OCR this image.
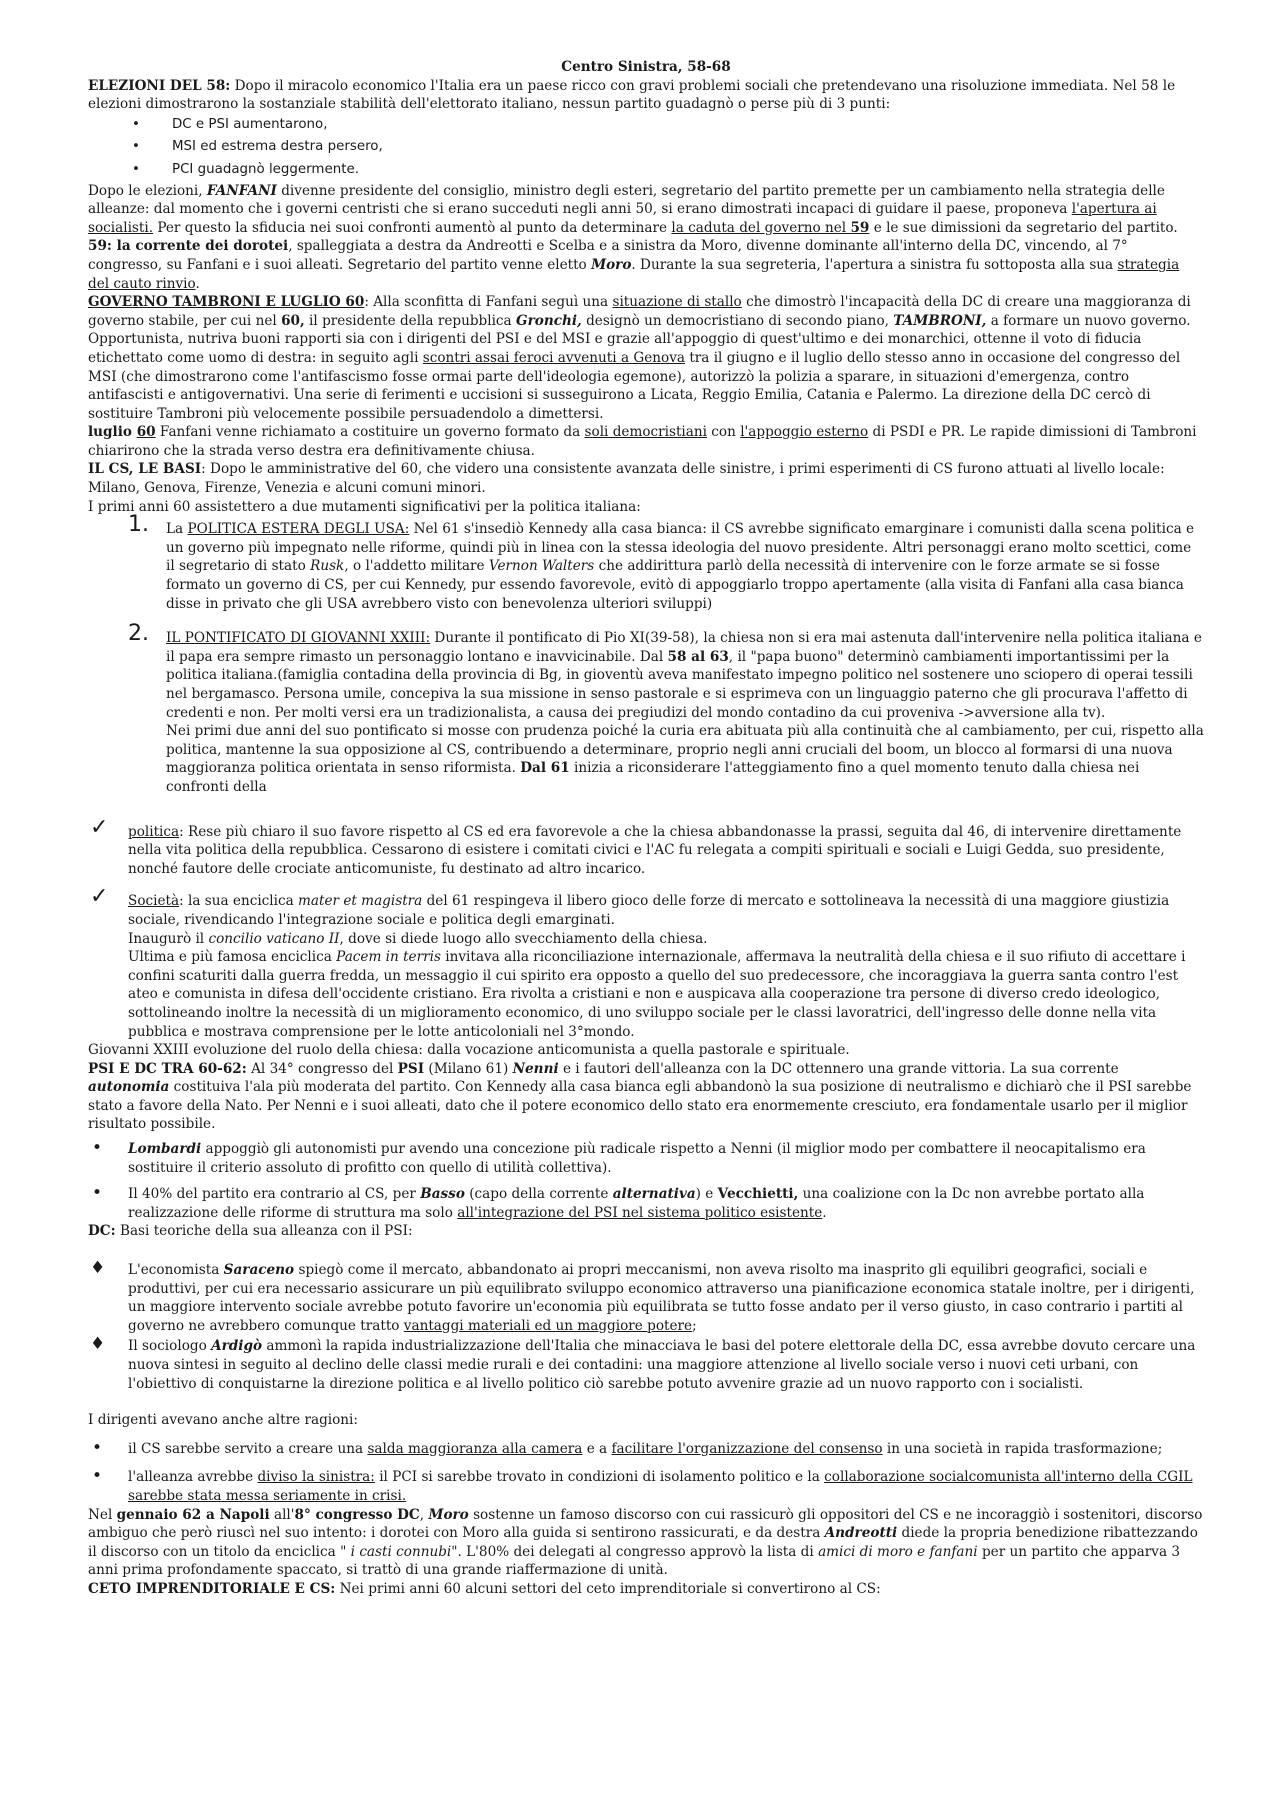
Centro Sinistra, 58-68

ELEZIONI DEL 58: Dopo il miracolo economico l'Italia era un paese ricco con gravi problemi sociali che pretendevano una risoluzione immediata. Nel 58 le elezioni dimostrarono la sostanziale stabilità dell'elettorato italiano, nessun partito guadagnò o perse più di 3 punti:

• DC e PSI aumentarono,
• MSI ed estrema destra persero,
• PCI guadagnò leggermente.

Dopo le elezioni, FANFANI divenne presidente del consiglio, ministro degli esteri, segretario del partito premette per un cambiamento nella strategia delle alleanze: dal momento che i governi centristi che si erano succeduti negli anni 50, si erano dimostrati incapaci di guidare il paese, proponeva l'apertura ai socialisti. Per questo la sfiducia nei suoi confronti aumentò al punto da determinare la caduta del governo nel 59 e le sue dimissioni da segretario del partito.

59: la corrente dei dorotei, spalleggiata a destra da Andreotti e Scelba e a sinistra da Moro, divenne dominante all'interno della DC, vincendo, al 7° congresso, su Fanfani e i suoi alleati. Segretario del partito venne eletto Moro. Durante la sua segreteria, l'apertura a sinistra fu sottoposta alla sua strategia del cauto rinvio.

GOVERNO TAMBRONI E LUGLIO 60: Alla sconfitta di Fanfani seguì una situazione di stallo che dimostrò l'incapacità della DC di creare una maggioranza di governo stabile, per cui nel 60, il presidente della repubblica Gronchi, designò un democristiano di secondo piano, TAMBRONI, a formare un nuovo governo. Opportunista, nutriva buoni rapporti sia con i dirigenti del PSI e del MSI e grazie all'appoggio di quest'ultimo e dei monarchici, ottenne il voto di fiducia etichettato come uomo di destra: in seguito agli scontri assai feroci avvenuti a Genova tra il giugno e il luglio dello stesso anno in occasione del congresso del MSI (che dimostrarono come l'antifascismo fosse ormai parte dell'ideologia egemone), autorizzò la polizia a sparare, in situazioni d'emergenza, contro antifascisti e antigovernativi. Una serie di ferimenti e uccisioni si susseguirono a Licata, Reggio Emilia, Catania e Palermo. La direzione della DC cercò di sostituire Tambroni più velocemente possibile persuadendolo a dimettersi.

luglio 60 Fanfani venne richiamato a costituire un governo formato da soli democristiani con l'appoggio esterno di PSDI e PR. Le rapide dimissioni di Tambroni chiarirono che la strada verso destra era definitivamente chiusa.

IL CS, LE BASI: Dopo le amministrative del 60, che videro una consistente avanzata delle sinistre, i primi esperimenti di CS furono attuati al livello locale: Milano, Genova, Firenze, Venezia e alcuni comuni minori.

I primi anni 60 assistettero a due mutamenti significativi per la politica italiana:

1. La POLITICA ESTERA DEGLI USA: Nel 61 s'insediò Kennedy alla casa bianca: il CS avrebbe significato emarginare i comunisti dalla scena politica e un governo più impegnato nelle riforme, quindi più in linea con la stessa ideologia del nuovo presidente. Altri personaggi erano molto scettici, come il segretario di stato Rusk, o l'addetto militare Vernon Walters che addirittura parlò della necessità di intervenire con le forze armate se si fosse formato un governo di CS, per cui Kennedy, pur essendo favorevole, evitò di appoggiarlo troppo apertamente (alla visita di Fanfani alla casa bianca disse in privato che gli USA avrebbero visto con benevolenza ulteriori sviluppi)
2. IL PONTIFICATO DI GIOVANNI XXIII: Durante il pontificato di Pio XI(39-58), la chiesa non si era mai astenuta dall'intervenire nella politica italiana e il papa era sempre rimasto un personaggio lontano e inavvicinabile. Dal 58 al 63, il "papa buono" determinò cambiamenti importantissimi per la politica italiana.(famiglia contadina della provincia di Bg, in gioventù aveva manifestato impegno politico nel sostenere uno sciopero di operai tessili nel bergamasco. Persona umile, concepiva la sua missione in senso pastorale e si esprimeva con un linguaggio paterno che gli procurava l'affetto di credenti e non. Per molti versi era un tradizionalista, a causa dei pregiudizi del mondo contadino da cui proveniva ->avversione alla tv).
Nei primi due anni del suo pontificato si mosse con prudenza poiché la curia era abituata più alla continuità che al cambiamento, per cui, rispetto alla politica, mantenne la sua opposizione al CS, contribuendo a determinare, proprio negli anni cruciali del boom, un blocco al formarsi di una nuova maggioranza politica orientata in senso riformista. Dal 61 inizia a riconsiderare l'atteggiamento fino a quel momento tenuto dalla chiesa nei confronti della
✓ politica: Rese più chiaro il suo favore rispetto al CS ed era favorevole a che la chiesa abbandonasse la prassi, seguita dal 46, di intervenire direttamente nella vita politica della repubblica. Cessarono di esistere i comitati civici e l'AC fu relegata a compiti spirituali e sociali e Luigi Gedda, suo presidente, nonché fautore delle crociate anticomuniste, fu destinato ad altro incarico.
✓ Società: la sua enciclica mater et magistra del 61 respingeva il libero gioco delle forze di mercato e sottolineava la necessità di una maggiore giustizia sociale, rivendicando l'integrazione sociale e politica degli emarginati.
Inaugurò il concilio vaticano II, dove si diede luogo allo svecchiamento della chiesa.
Ultima e più famosa enciclica Pacem in terris invitava alla riconciliazione internazionale, affermava la neutralità della chiesa e il suo rifiuto di accettare i confini scaturiti dalla guerra fredda, un messaggio il cui spirito era opposto a quello del suo predecessore, che incoraggiava la guerra santa contro l'est ateo e comunista in difesa dell'occidente cristiano. Era rivolta a cristiani e non e auspicava alla cooperazione tra persone di diverso credo ideologico, sottolineando inoltre la necessità di un miglioramento economico, di uno sviluppo sociale per le classi lavoratrici, dell'ingresso delle donne nella vita pubblica e mostrava comprensione per le lotte anticoloniali nel 3°mondo.

Giovanni XXIII evoluzione del ruolo della chiesa: dalla vocazione anticomunista a quella pastorale e spirituale.

PSI E DC TRA 60-62: Al 34° congresso del PSI (Milano 61) Nenni e i fautori dell'alleanza con la DC ottennero una grande vittoria. La sua corrente autonomia costituiva l'ala più moderata del partito. Con Kennedy alla casa bianca egli abbandonò la sua posizione di neutralismo e dichiarò che il PSI sarebbe stato a favore della Nato. Per Nenni e i suoi alleati, dato che il potere economico dello stato era enormemente cresciuto, era fondamentale usarlo per il miglior risultato possibile.

• Lombardi appoggiò gli autonomisti pur avendo una concezione più radicale rispetto a Nenni (il miglior modo per combattere il neocapitalismo era sostituire il criterio assoluto di profitto con quello di utilità collettiva).
• Il 40% del partito era contrario al CS, per Basso (capo della corrente alternativa) e Vecchietti, una coalizione con la Dc non avrebbe portato alla realizzazione delle riforme di struttura ma solo all'integrazione del PSI nel sistema politico esistente.

DC: Basi teoriche della sua alleanza con il PSI:

♦ L'economista Saraceno spiegò come il mercato, abbandonato ai propri meccanismi, non aveva risolto ma inasprito gli equilibri geografici, sociali e produttivi, per cui era necessario assicurare un più equilibrato sviluppo economico attraverso una pianificazione economica statale inoltre, per i dirigenti, un maggiore intervento sociale avrebbe potuto favorire un'economia più equilibrata se tutto fosse andato per il verso giusto, in caso contrario i partiti al governo ne avrebbero comunque tratto vantaggi materiali ed un maggiore potere;
♦ Il sociologo Ardigò ammonì la rapida industrializzazione dell'Italia che minacciava le basi del potere elettorale della DC, essa avrebbe dovuto cercare una nuova sintesi in seguito al declino delle classi medie rurali e dei contadini: una maggiore attenzione al livello sociale verso i nuovi ceti urbani, con l'obiettivo di conquistarne la direzione politica e al livello politico ciò sarebbe potuto avvenire grazie ad un nuovo rapporto con i socialisti.

I dirigenti avevano anche altre ragioni:

• il CS sarebbe servito a creare una salda maggioranza alla camera e a facilitare l'organizzazione del consenso in una società in rapida trasformazione;
• l'alleanza avrebbe diviso la sinistra: il PCI si sarebbe trovato in condizioni di isolamento politico e la collaborazione socialcomunista all'interno della CGIL sarebbe stata messa seriamente in crisi.

Nel gennaio 62 a Napoli all'8° congresso DC, Moro sostenne un famoso discorso con cui rassicurò gli oppositori del CS e ne incoraggiò i sostenitori, discorso ambiguo che però riuscì nel suo intento: i dorotei con Moro alla guida si sentirono rassicurati, e da destra Andreotti diede la propria benedizione ribattezzando il discorso con un titolo da enciclica " i casti connubi". L'80% dei delegati al congresso approvò la lista di amici di moro e fanfani per un partito che apparva 3 anni prima profondamente spaccato, si trattò di una grande riaffermazione di unità.

CETO IMPRENDITORIALE E CS: Nei primi anni 60 alcuni settori del ceto imprenditoriale si convertirono al CS:
